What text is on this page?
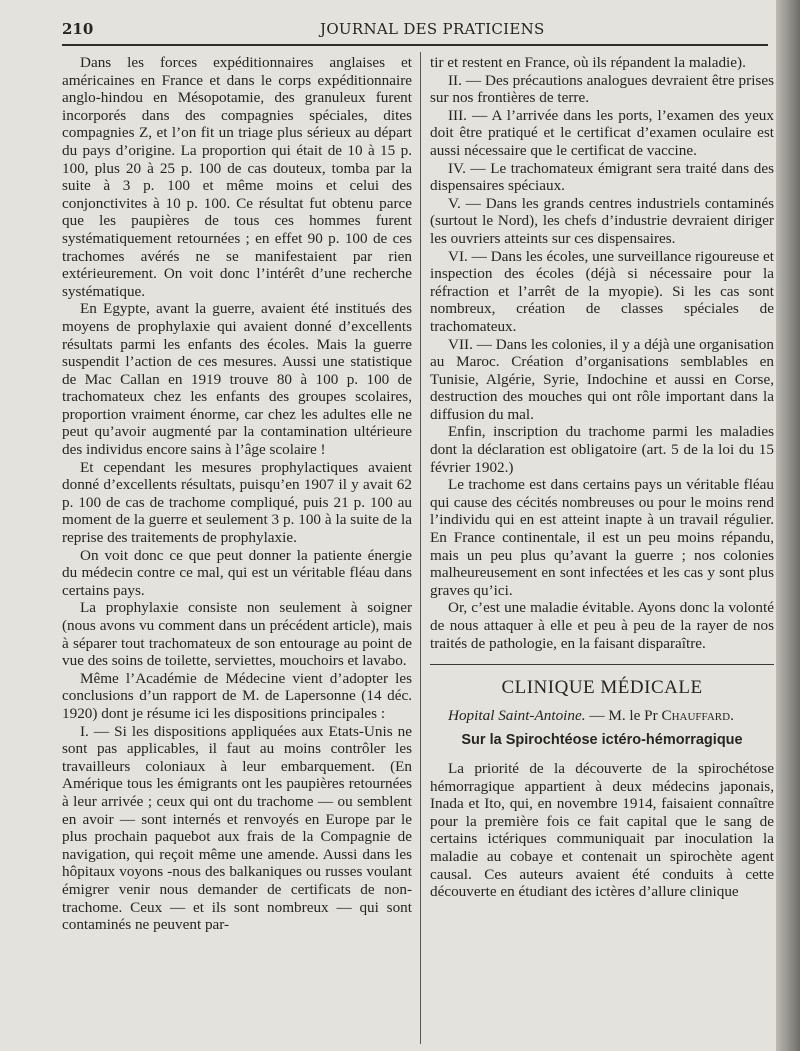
210	JOURNAL DES PRATICIENS

Dans les forces expéditionnaires anglaises et américaines en France et dans le corps expéditionnaire anglo-hindou en Mésopotamie, des granuleux furent incorporés dans des compagnies spéciales, dites compagnies Z, et l’on fit un triage plus sérieux au départ du pays d’origine. La proportion qui était de 10 à 15 p. 100, plus 20 à 25 p. 100 de cas douteux, tomba par la suite à 3 p. 100 et même moins et celui des conjonctivites à 10 p. 100. Ce résultat fut obtenu parce que les paupières de tous ces hommes furent systématiquement retournées ; en effet 90 p. 100 de ces trachomes avérés ne se manifestaient par rien extérieurement. On voit donc l’intérêt d’une recherche systématique.

En Egypte, avant la guerre, avaient été institués des moyens de prophylaxie qui avaient donné d’excellents résultats parmi les enfants des écoles. Mais la guerre suspendit l’action de ces mesures. Aussi une statistique de Mac Callan en 1919 trouve 80 à 100 p. 100 de trachomateux chez les enfants des groupes scolaires, proportion vraiment énorme, car chez les adultes elle ne peut qu’avoir augmenté par la contamination ultérieure des individus encore sains à l’âge scolaire !

Et cependant les mesures prophylactiques avaient donné d’excellents résultats, puisqu’en 1907 il y avait 62 p. 100 de cas de trachome compliqué, puis 21 p. 100 au moment de la guerre et seulement 3 p. 100 à la suite de la reprise des traitements de prophylaxie.

On voit donc ce que peut donner la patiente énergie du médecin contre ce mal, qui est un véritable fléau dans certains pays.

La prophylaxie consiste non seulement à soigner (nous avons vu comment dans un précédent article), mais à séparer tout trachomateux de son entourage au point de vue des soins de toilette, serviettes, mouchoirs et lavabo.

Même l’Académie de Médecine vient d’adopter les conclusions d’un rapport de M. de Lapersonne (14 déc. 1920) dont je résume ici les dispositions principales :

I. — Si les dispositions appliquées aux Etats-Unis ne sont pas applicables, il faut au moins contrôler les travailleurs coloniaux à leur embarquement. (En Amérique tous les émigrants ont les paupières retournées à leur arrivée ; ceux qui ont du trachome — ou semblent en avoir — sont internés et renvoyés en Europe par le plus prochain paquebot aux frais de la Compagnie de navigation, qui reçoit même une amende. Aussi dans les hôpitaux voyons -nous des balkaniques ou russes voulant émigrer venir nous demander de certificats de non-trachome. Ceux — et ils sont nombreux — qui sont contaminés ne peuvent par-

tir et restent en France, où ils répandent la maladie).

II. — Des précautions analogues devraient être prises sur nos frontières de terre.

III. — A l’arrivée dans les ports, l’examen des yeux doit être pratiqué et le certificat d’examen oculaire est aussi nécessaire que le certificat de vaccine.

IV. — Le trachomateux émigrant sera traité dans des dispensaires spéciaux.

V. — Dans les grands centres industriels contaminés (surtout le Nord), les chefs d’industrie devraient diriger les ouvriers atteints sur ces dispensaires.

VI. — Dans les écoles, une surveillance rigoureuse et inspection des écoles (déjà si nécessaire pour la réfraction et l’arrêt de la myopie). Si les cas sont nombreux, création de classes spéciales de trachomateux.

VII. — Dans les colonies, il y a déjà une organisation au Maroc. Création d’organisations semblables en Tunisie, Algérie, Syrie, Indochine et aussi en Corse, destruction des mouches qui ont rôle important dans la diffusion du mal.

Enfin, inscription du trachome parmi les maladies dont la déclaration est obligatoire (art. 5 de la loi du 15 février 1902.)

Le trachome est dans certains pays un véritable fléau qui cause des cécités nombreuses ou pour le moins rend l’individu qui en est atteint inapte à un travail régulier. En France continentale, il est un peu moins répandu, mais un peu plus qu’avant la guerre ; nos colonies malheureusement en sont infectées et les cas y sont plus graves qu’ici.

Or, c’est une maladie évitable. Ayons donc la volonté de nous attaquer à elle et peu à peu de la rayer de nos traités de pathologie, en la faisant disparaître.

CLINIQUE MÉDICALE

Hopital Saint-Antoine. — M. le Pr Chauffard.

Sur la Spirochtéose ictéro-hémorragique

La priorité de la découverte de la spirochétose hémorragique appartient à deux médecins japonais, Inada et Ito, qui, en novembre 1914, faisaient connaître pour la première fois ce fait capital que le sang de certains ictériques communiquait par inoculation la maladie au cobaye et contenait un spirochète agent causal. Ces auteurs avaient été conduits à cette découverte en étudiant des ictères d’allure clinique
